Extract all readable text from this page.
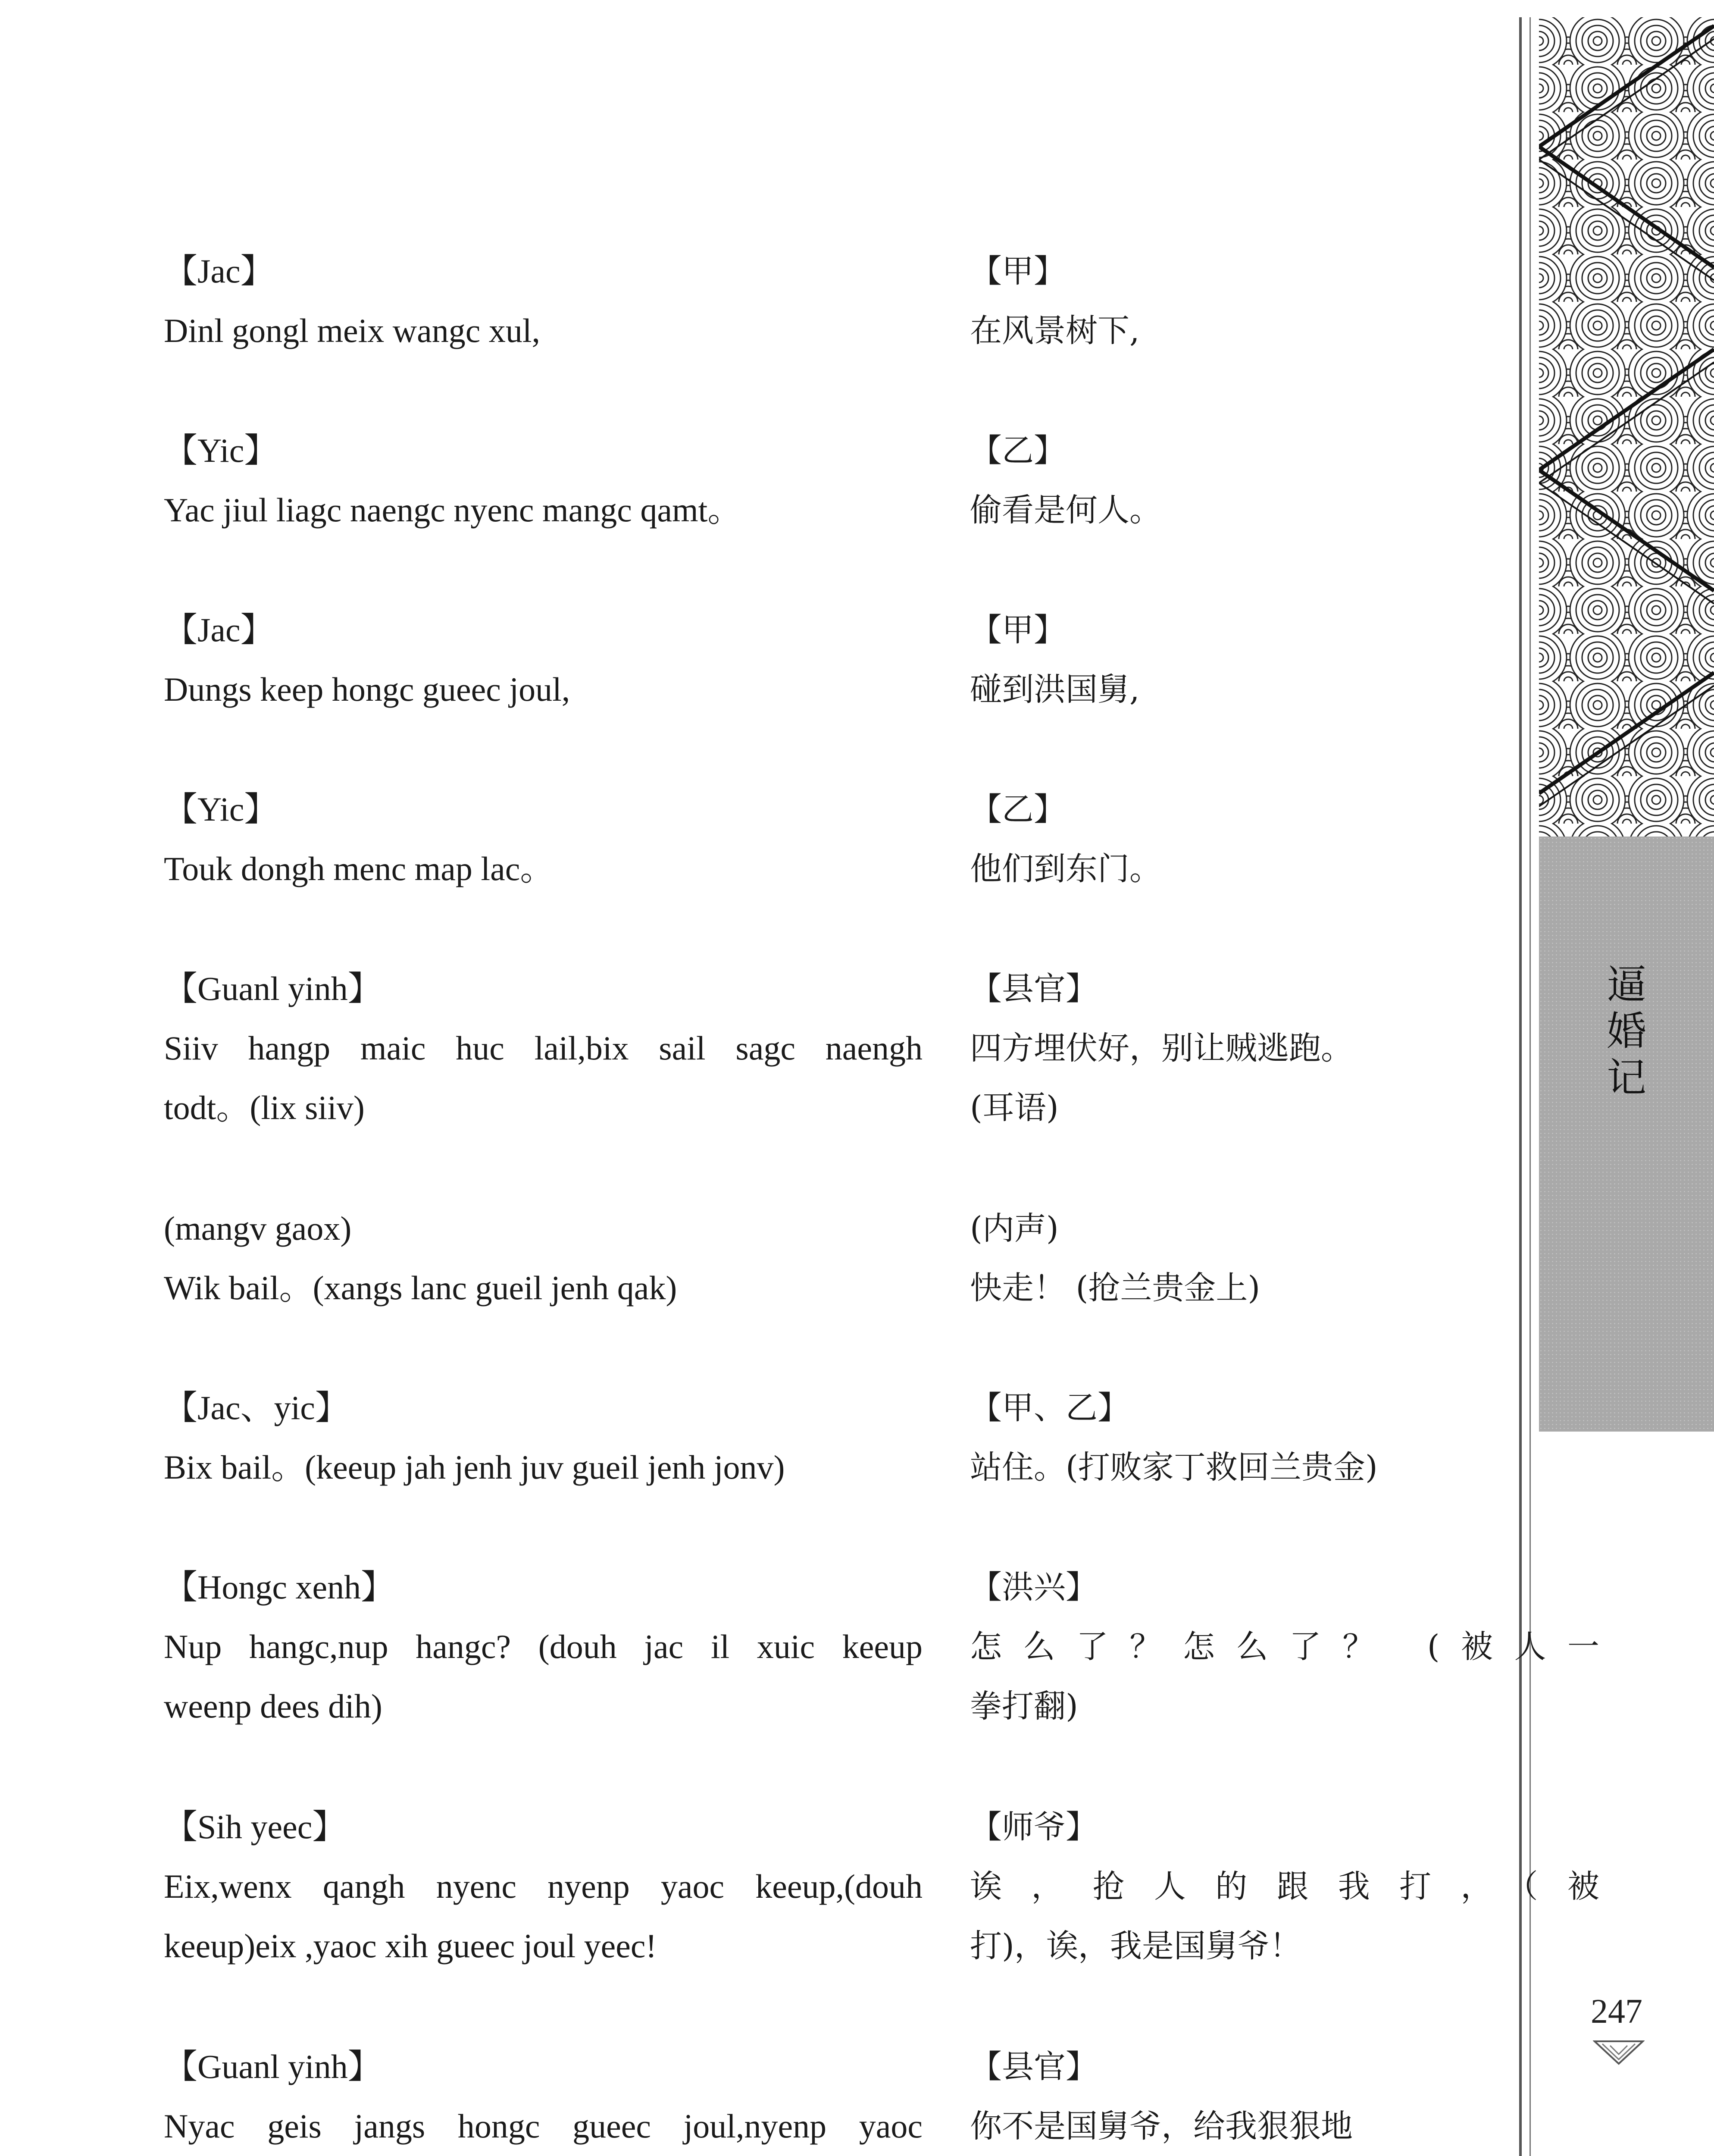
逼
婚
记
247
【Jac】
Dinl gongl meix wangc xul,
【甲】
在风景树下,
【Yic】
Yac jiul liagc naengc nyenc mangc qamt。
【乙】
偷看是何人。
【Jac】
Dungs keep hongc gueec joul,
【甲】
碰到洪国舅,
【Yic】
Touk dongh menc map lac。
【乙】
他们到东门。
【Guanl yinh】
Siiv hangp maic huc lail,bix sail sagc naengh
todt。(lix siiv)
【县官】
四方埋伏好，别让贼逃跑。
(耳语)
(mangv gaox)
Wik bail。(xangs lanc gueil jenh qak)
(内声)
快走！ (抢兰贵金上)
【Jac、yic】
Bix bail。(keeup jah jenh juv gueil jenh jonv)
【甲、乙】
站住。(打败家丁救回兰贵金)
【Hongc xenh】
Nup hangc,nup hangc? (douh jac il xuic keeup
weenp dees dih)
【洪兴】
怎么了？怎么了？ (被人一
拳打翻)
【Sih yeec】
Eix,wenx qangh nyenc nyenp yaoc keeup,(douh
keeup)eix ,yaoc xih gueec joul yeec!
【师爷】
诶，抢人的跟我打，（被
打)，诶，我是国舅爷！
【Guanl yinh】
Nyac geis jangs hongc gueec joul,nyenp yaoc
【县官】
你不是国舅爷，给我狠狠地
